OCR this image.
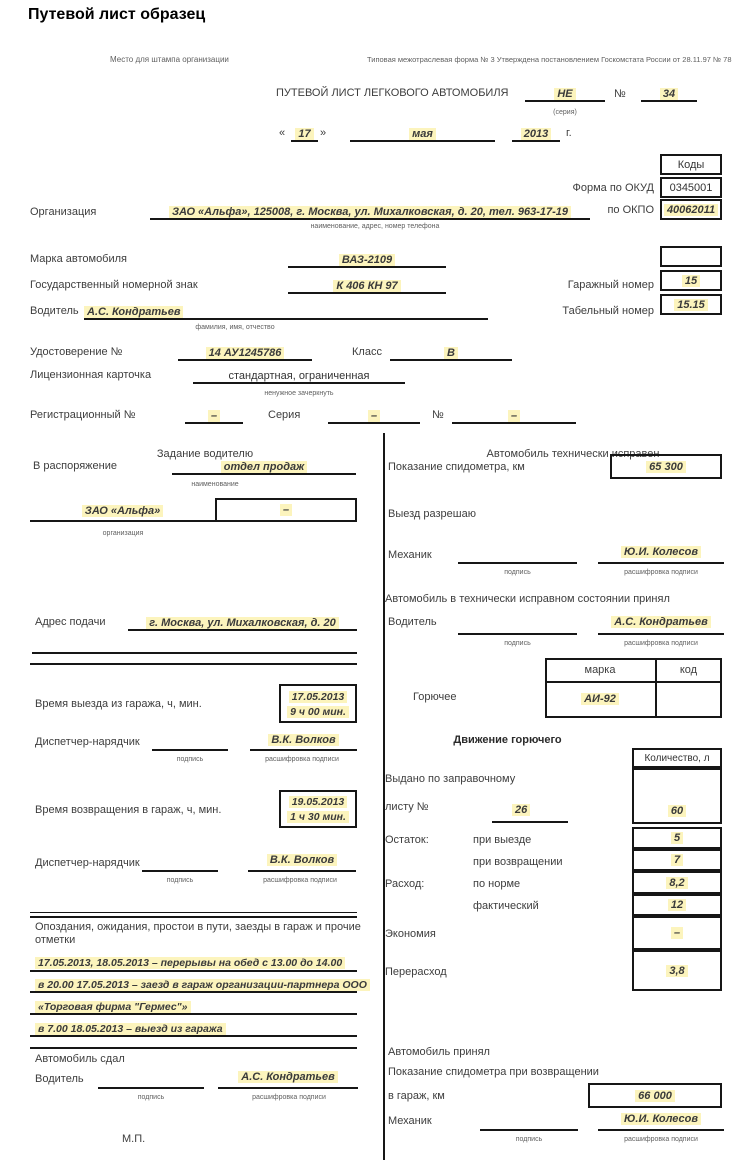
Путевой лист образец
Место для штампа организации	Типовая межотраслевая форма № 3 Утверждена постановлением Госкомстата России от 28.11.97 № 78
ПУТЕВОЙ ЛИСТ ЛЕГКОВОГО АВТОМОБИЛЯ	НЕ	№	34
(серия)
«	17 »	мая	2013	г.
Коды
Форма по ОКУД 0345001
по ОКПО 40062011
Организация	ЗАО «Альфа», 125008, г. Москва, ул. Михалковская, д. 20, тел. 963-17-19
наименование, адрес, номер телефона
Марка автомобиля	ВАЗ-2109
Государственный номерной знак	К 406 КН 97	Гаражный номер	15
Водитель А.С. Кондратьев
фамилия, имя, отчество
Табельный номер
15.15
Удостоверение №	14 АУ1245786	Класс	В
Лицензионная карточка	стандартная, ограниченная
ненужное зачеркнуть
Регистрационный №	–	Серия	–	№	–
Задание водителю
В распоряжение	отдел продаж
наименование
ЗАО «Альфа»	–
организация
Адрес подачи	г. Москва, ул. Михалковская, д. 20
Время выезда из гаража, ч, мин.
17.05.2013
9 ч 00 мин.
Диспетчер-нарядчик	В.К. Волков
подпись	расшифровка подписи
Время возвращения в гараж, ч, мин.
19.05.2013
1 ч 30 мин.
Диспетчер-нарядчик	В.К. Волков
подпись	расшифровка подписи
Опоздания, ожидания, простои в пути, заезды в гараж и прочие отметки
17.05.2013, 18.05.2013 – перерывы на обед с 13.00 до 14.00
в 20.00 17.05.2013 – заезд в гараж организации-партнера ООО
«Торговая фирма "Гермес"»
в 7.00 18.05.2013 – выезд из гаража
Автомобиль сдал
Водитель	А.С. Кондратьев
подпись	расшифровка подписи
М.П.
Автомобиль технически исправен
Показание спидометра, км	65 300
Выезд разрешаю
Механик	Ю.И. Колесов
подпись	расшифровка подписи
Автомобиль в технически исправном состоянии принял
Водитель	А.С. Кондратьев
подпись	расшифровка подписи
Горючее
марка	код
АИ-92
Движение горючего
Количество, л
Выдано по заправочному
листу №	26	60
Остаток:	при выезде	5
при возвращении	7
Расход:	по норме	8,2
фактический	12
Экономия	–
Перерасход	3,8
Автомобиль принял
Показание спидометра при возвращении
в гараж, км	66 000
Механик	Ю.И. Колесов
подпись	расшифровка подписи
